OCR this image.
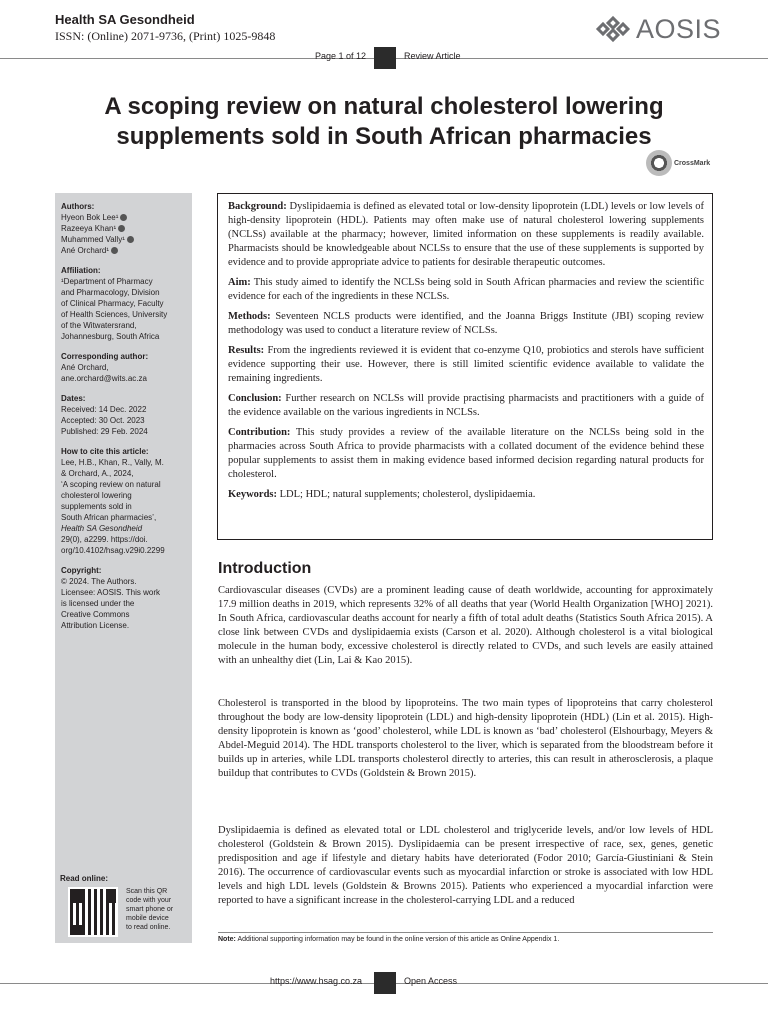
Health SA Gesondheid
ISSN: (Online) 2071-9736, (Print) 1025-9848	AOSIS
Page 1 of 12	Review Article
A scoping review on natural cholesterol lowering
supplements sold in South African pharmacies
CrossMark
Authors:
Hyeon Bok Lee¹
Razeeya Khan¹
Muhammed Vally¹
Ané Orchard¹
Affiliation:
¹Department of Pharmacy
and Pharmacology, Division
of Clinical Pharmacy, Faculty
of Health Sciences, University
of the Witwatersrand,
Johannesburg, South Africa
Corresponding author:
Ané Orchard,
ane.orchard@wits.ac.za
Dates:
Received: 14 Dec. 2022
Accepted: 30 Oct. 2023
Published: 29 Feb. 2024
How to cite this article:
Lee, H.B., Khan, R., Vally, M.
& Orchard, A., 2024,
‘A scoping review on natural
cholesterol lowering
supplements sold in
South African pharmacies’,
Health SA Gesondheid
29(0), a2299. https://doi.
org/10.4102/hsag.v29i0.2299
Copyright:
© 2024. The Authors.
Licensee: AOSIS. This work
is licensed under the
Creative Commons
Attribution License.
Read online:
Scan this QR
code with your
smart phone or
mobile device
to read online.

Background: Dyslipidaemia is defined as elevated total or low-density lipoprotein (LDL) levels or low levels of high-density lipoprotein (HDL). Patients may often make use of natural cholesterol lowering supplements (NCLSs) available at the pharmacy; however, limited information on these supplements is readily available. Pharmacists should be knowledgeable about NCLSs to ensure that the use of these supplements is supported by evidence and to provide appropriate advice to patients for desirable therapeutic outcomes.

Aim: This study aimed to identify the NCLSs being sold in South African pharmacies and review the scientific evidence for each of the ingredients in these NCLSs.

Methods: Seventeen NCLS products were identified, and the Joanna Briggs Institute (JBI) scoping review methodology was used to conduct a literature review of NCLSs.

Results: From the ingredients reviewed it is evident that co-enzyme Q10, probiotics and sterols have sufficient evidence supporting their use. However, there is still limited scientific evidence available to validate the remaining ingredients.

Conclusion: Further research on NCLSs will provide practising pharmacists and practitioners with a guide of the evidence available on the various ingredients in NCLSs.

Contribution: This study provides a review of the available literature on the NCLSs being sold in the pharmacies across South Africa to provide pharmacists with a collated document of the evidence behind these popular supplements to assist them in making evidence based informed decision regarding natural products for cholesterol.

Keywords: LDL; HDL; natural supplements; cholesterol, dyslipidaemia.

Introduction
Cardiovascular diseases (CVDs) are a prominent leading cause of death worldwide, accounting for approximately 17.9 million deaths in 2019, which represents 32% of all deaths that year (World Health Organization [WHO] 2021). In South Africa, cardiovascular deaths account for nearly a fifth of total adult deaths (Statistics South Africa 2015). A close link between CVDs and dyslipidaemia exists (Carson et al. 2020). Although cholesterol is a vital biological molecule in the human body, excessive cholesterol is directly related to CVDs, and such levels are easily attained with an unhealthy diet (Lin, Lai & Kao 2015).
Cholesterol is transported in the blood by lipoproteins. The two main types of lipoproteins that carry cholesterol throughout the body are low-density lipoprotein (LDL) and high-density lipoprotein (HDL) (Lin et al. 2015). High-density lipoprotein is known as ‘good’ cholesterol, while LDL is known as ‘bad’ cholesterol (Elshourbagy, Meyers & Abdel-Meguid 2014). The HDL transports cholesterol to the liver, which is separated from the bloodstream before it builds up in arteries, while LDL transports cholesterol directly to arteries, this can result in atherosclerosis, a plaque buildup that contributes to CVDs (Goldstein & Brown 2015).
Dyslipidaemia is defined as elevated total or LDL cholesterol and triglyceride levels, and/or low levels of HDL cholesterol (Goldstein & Brown 2015). Dyslipidaemia can be present irrespective of race, sex, genes, genetic predisposition and age if lifestyle and dietary habits have deteriorated (Fodor 2010; García-Giustiniani & Stein 2016). The occurrence of cardiovascular events such as myocardial infarction or stroke is associated with low HDL levels and high LDL levels (Goldstein & Browns 2015). Patients who experienced a myocardial infarction were reported to have a significant increase in the cholesterol-carrying LDL and a reduced
Note: Additional supporting information may be found in the online version of this article as Online Appendix 1.
https://www.hsag.co.za	Open Access
